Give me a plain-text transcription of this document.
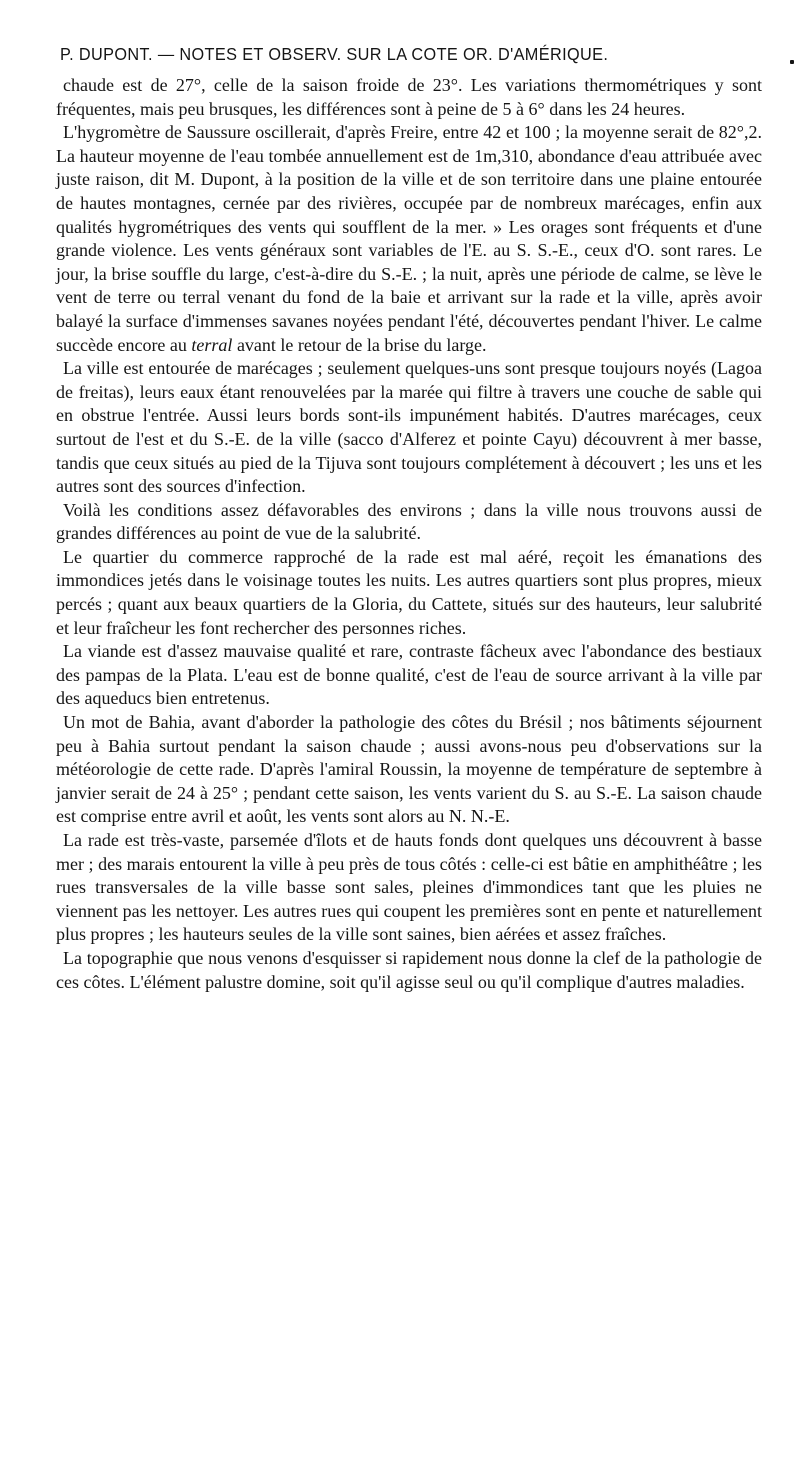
P. DUPONT. — NOTES ET OBSERV. SUR LA COTE OR. D'AMÉRIQUE.

chaude est de 27°, celle de la saison froide de 23°. Les variations thermométriques y sont fréquentes, mais peu brusques, les différences sont à peine de 5 à 6° dans les 24 heures.

L'hygromètre de Saussure oscillerait, d'après Freire, entre 42 et 100 ; la moyenne serait de 82°,2. La hauteur moyenne de l'eau tombée annuellement est de 1m,310, abondance d'eau attribuée avec juste raison, dit M. Dupont, à la position de la ville et de son territoire dans une plaine entourée de hautes montagnes, cernée par des rivières, occupée par de nombreux marécages, enfin aux qualités hygrométriques des vents qui soufflent de la mer. » Les orages sont fréquents et d'une grande violence. Les vents généraux sont variables de l'E. au S. S.-E., ceux d'O. sont rares. Le jour, la brise souffle du large, c'est-à-dire du S.-E. ; la nuit, après une période de calme, se lève le vent de terre ou terral venant du fond de la baie et arrivant sur la rade et la ville, après avoir balayé la surface d'immenses savanes noyées pendant l'été, découvertes pendant l'hiver. Le calme succède encore au terral avant le retour de la brise du large.

La ville est entourée de marécages ; seulement quelques-uns sont presque toujours noyés (Lagoa de freitas), leurs eaux étant renouvelées par la marée qui filtre à travers une couche de sable qui en obstrue l'entrée. Aussi leurs bords sont-ils impunément habités. D'autres marécages, ceux surtout de l'est et du S.-E. de la ville (sacco d'Alferez et pointe Cayu) découvrent à mer basse, tandis que ceux situés au pied de la Tijuva sont toujours complétement à découvert ; les uns et les autres sont des sources d'infection.

Voilà les conditions assez défavorables des environs ; dans la ville nous trouvons aussi de grandes différences au point de vue de la salubrité.

Le quartier du commerce rapproché de la rade est mal aéré, reçoit les émanations des immondices jetés dans le voisinage toutes les nuits. Les autres quartiers sont plus propres, mieux percés ; quant aux beaux quartiers de la Gloria, du Cattete, situés sur des hauteurs, leur salubrité et leur fraîcheur les font rechercher des personnes riches.

La viande est d'assez mauvaise qualité et rare, contraste fâcheux avec l'abondance des bestiaux des pampas de la Plata. L'eau est de bonne qualité, c'est de l'eau de source arrivant à la ville par des aqueducs bien entretenus.

Un mot de Bahia, avant d'aborder la pathologie des côtes du Brésil ; nos bâtiments séjournent peu à Bahia surtout pendant la saison chaude ; aussi avons-nous peu d'observations sur la météorologie de cette rade. D'après l'amiral Roussin, la moyenne de température de septembre à janvier serait de 24 à 25° ; pendant cette saison, les vents varient du S. au S.-E. La saison chaude est comprise entre avril et août, les vents sont alors au N. N.-E.

La rade est très-vaste, parsemée d'îlots et de hauts fonds dont quelques uns découvrent à basse mer ; des marais entourent la ville à peu près de tous côtés : celle-ci est bâtie en amphithéâtre ; les rues transversales de la ville basse sont sales, pleines d'immondices tant que les pluies ne viennent pas les nettoyer. Les autres rues qui coupent les premières sont en pente et naturellement plus propres ; les hauteurs seules de la ville sont saines, bien aérées et assez fraîches.

La topographie que nous venons d'esquisser si rapidement nous donne la clef de la pathologie de ces côtes. L'élément palustre domine, soit qu'il agisse seul ou qu'il complique d'autres maladies.
